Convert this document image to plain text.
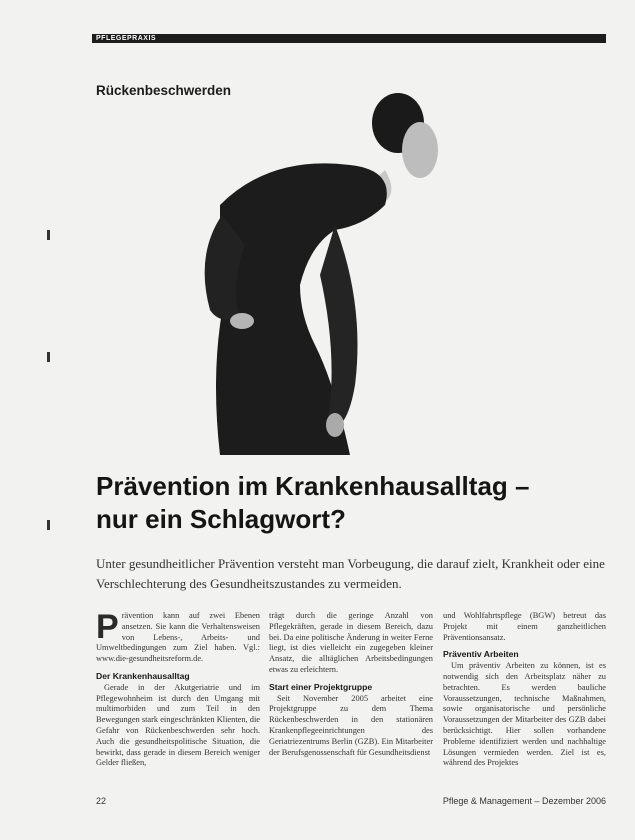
PFLEGEPRAXIS
Rückenbeschwerden
Prävention im Krankenhausalltag –
nur ein Schlagwort?

Unter gesundheitlicher Prävention versteht man Vorbeugung, die darauf zielt, Krankheit oder eine Verschlechterung des Gesundheitszustandes zu vermeiden.

P rävention kann auf zwei Ebenen ansetzen. Sie kann die Verhaltensweisen von Lebens-, Arbeits- und Umweltbedingungen zum Ziel haben. Vgl.: www.die-gesundheitsreform.de.

Der Krankenhausalltag

Gerade in der Akutgeriatrie und im Pflegewohnheim ist durch den Umgang mit multimorbiden und zum Teil in den Bewegungen stark eingeschränkten Klienten, die Gefahr von Rückenbeschwerden sehr hoch. Auch die gesundheitspolitische Situation, die bewirkt, dass gerade in diesem Bereich weniger Gelder fließen,

trägt durch die geringe Anzahl von Pflegekräften, gerade in diesem Bereich, dazu bei. Da eine politische Änderung in weiter Ferne liegt, ist dies vielleicht ein zugegeben kleiner Ansatz, die alltäglichen Arbeitsbedingungen etwas zu erleichtern.

Start einer Projektgruppe

Seit November 2005 arbeitet eine Projektgruppe zu dem Thema Rückenbeschwerden in den stationären Krankenpflegeeinrichtungen des Geriatriezentrums Berlin (GZB). Ein Mitarbeiter der Berufsgenossenschaft für Gesundheitsdienst

und Wohlfahrtspflege (BGW) betreut das Projekt mit einem ganzheitlichen Präventionsansatz.

Präventiv Arbeiten

Um präventiv Arbeiten zu können, ist es notwendig sich den Arbeitsplatz näher zu betrachten. Es werden bauliche Voraussetzungen, technische Maßnahmen, sowie organisatorische und persönliche Voraussetzungen der Mitarbeiter des GZB dabei berücksichtigt. Hier sollen vorhandene Probleme identifiziert werden und nachhaltige Lösungen vermieden werden. Ziel ist es, während des Projektes

22	Pflege & Management – Dezember 2006
